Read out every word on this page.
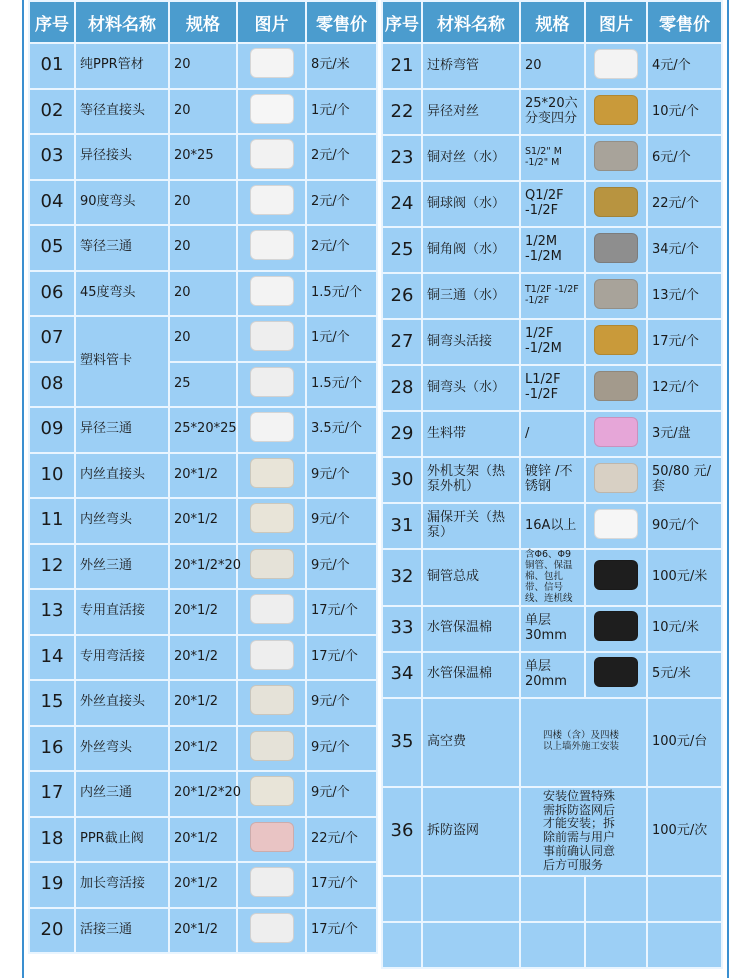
序号	材料名称	规格	图片	零售价
01	纯PPR管材	20		8元/米
02	等径直接头	20		1元/个
03	异径接头	20*25		2元/个
04	90度弯头	20		2元/个
05	等径三通	20		2元/个
06	45度弯头	20		1.5元/个
07	塑料管卡	20		1元/个
08		25		1.5元/个
09	异径三通	25*20*25		3.5元/个
10	内丝直接头	20*1/2		9元/个
11	内丝弯头	20*1/2		9元/个
12	外丝三通	20*1/2*20		9元/个
13	专用直活接	20*1/2		17元/个
14	专用弯活接	20*1/2		17元/个
15	外丝直接头	20*1/2		9元/个
16	外丝弯头	20*1/2		9元/个
17	内丝三通	20*1/2*20		9元/个
18	PPR截止阀	20*1/2		22元/个
19	加长弯活接	20*1/2		17元/个
20	活接三通	20*1/2		17元/个
序号	材料名称	规格	图片	零售价
21	过桥弯管	20		4元/个
22	异径对丝	25*20六分变四分		10元/个
23	铜对丝（水）	S1/2" M -1/2" M		6元/个
24	铜球阀（水）	Q1/2F -1/2F		22元/个
25	铜角阀（水）	1/2M -1/2M		34元/个
26	铜三通（水）	T1/2F -1/2F -1/2F		13元/个
27	铜弯头活接	1/2F -1/2M		17元/个
28	铜弯头（水）	L1/2F -1/2F		12元/个
29	生料带	/		3元/盘
30	外机支架（热泵外机）	镀锌 /不锈钢		50/80 元/套
31	漏保开关（热泵）	16A以上		90元/个
32	铜管总成	含Φ6、Φ9铜管、保温棉、包扎带、信号线、连机线		100元/米
33	水管保温棉	单层30mm		10元/米
34	水管保温棉	单层20mm		5元/米
35	高空费	四楼（含）及四楼以上墙外施工安装		100元/台
36	拆防盗网	安装位置特殊需拆防盗网后才能安装；拆除前需与用户事前确认同意后方可服务		100元/次
